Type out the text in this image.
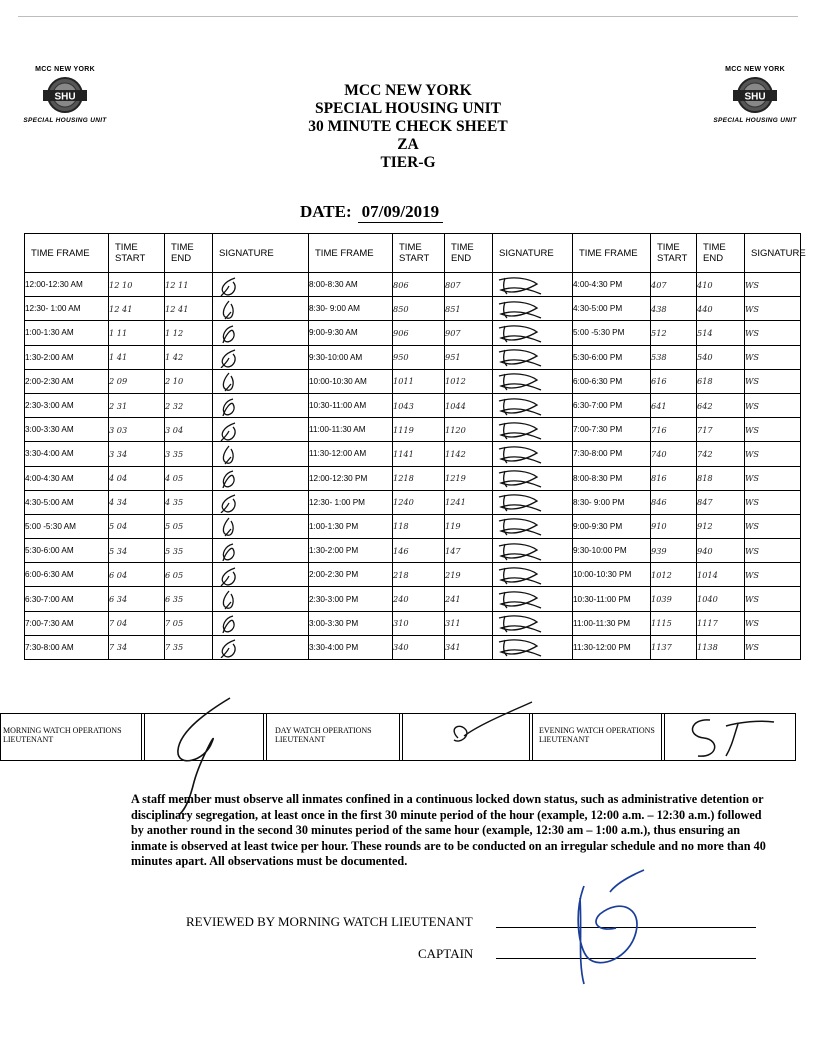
MCC NEW YORK
SHU
SPECIAL HOUSING UNIT
MCC NEW YORK
SHU
SPECIAL HOUSING UNIT
MCC NEW YORK
SPECIAL HOUSING UNIT
30 MINUTE CHECK SHEET
ZA
TIER-G
DATE: 07/09/2019
TIME FRAME	TIME START	TIME END	SIGNATURE	TIME FRAME	TIME START	TIME END	SIGNATURE	TIME FRAME	TIME START	TIME END	SIGNATURE
12:00-12:30 AM	12 10	12 11		8:00-8:30 AM	806	807		4:00-4:30 PM	407	410	WS
12:30- 1:00 AM	12 41	12 41		8:30- 9:00 AM	850	851		4:30-5:00 PM	438	440	WS
1:00-1:30 AM	1 11	1 12		9:00-9:30 AM	906	907		5:00 -5:30 PM	512	514	WS
1:30-2:00 AM	1 41	1 42		9:30-10:00 AM	950	951		5:30-6:00 PM	538	540	WS
2:00-2:30 AM	2 09	2 10		10:00-10:30 AM	1011	1012		6:00-6:30 PM	616	618	WS
2:30-3:00 AM	2 31	2 32		10:30-11:00 AM	1043	1044		6:30-7:00 PM	641	642	WS
3:00-3:30 AM	3 03	3 04		11:00-11:30 AM	1119	1120		7:00-7:30 PM	716	717	WS
3:30-4:00 AM	3 34	3 35		11:30-12:00 AM	1141	1142		7:30-8:00 PM	740	742	WS
4:00-4:30 AM	4 04	4 05		12:00-12:30 PM	1218	1219		8:00-8:30 PM	816	818	WS
4:30-5:00 AM	4 34	4 35		12:30- 1:00 PM	1240	1241		8:30- 9:00 PM	846	847	WS
5:00 -5:30 AM	5 04	5 05		1:00-1:30 PM	118	119		9:00-9:30 PM	910	912	WS
5:30-6:00 AM	5 34	5 35		1:30-2:00 PM	146	147		9:30-10:00 PM	939	940	WS
6:00-6:30 AM	6 04	6 05		2:00-2:30 PM	218	219		10:00-10:30 PM	1012	1014	WS
6:30-7:00 AM	6 34	6 35		2:30-3:00 PM	240	241		10:30-11:00 PM	1039	1040	WS
7:00-7:30 AM	7 04	7 05		3:00-3:30 PM	310	311		11:00-11:30 PM	1115	1117	WS
7:30-8:00 AM	7 34	7 35		3:30-4:00 PM	340	341		11:30-12:00 PM	1137	1138	WS
MORNING WATCH OPERATIONS LIEUTENANT
DAY WATCH OPERATIONS LIEUTENANT
EVENING WATCH OPERATIONS LIEUTENANT
A staff member must observe all inmates confined in a continuous locked down status, such as administrative detention or disciplinary segregation, at least once in the first 30 minute period of the hour (example, 12:00 a.m. – 12:30 a.m.) followed by another round in the second 30 minutes period of the same hour (example, 12:30 am – 1:00 a.m.), thus ensuring an inmate is observed at least twice per hour. These rounds are to be conducted on an irregular schedule and no more than 40 minutes apart. All observations must be documented.
REVIEWED BY MORNING WATCH LIEUTENANT
CAPTAIN
